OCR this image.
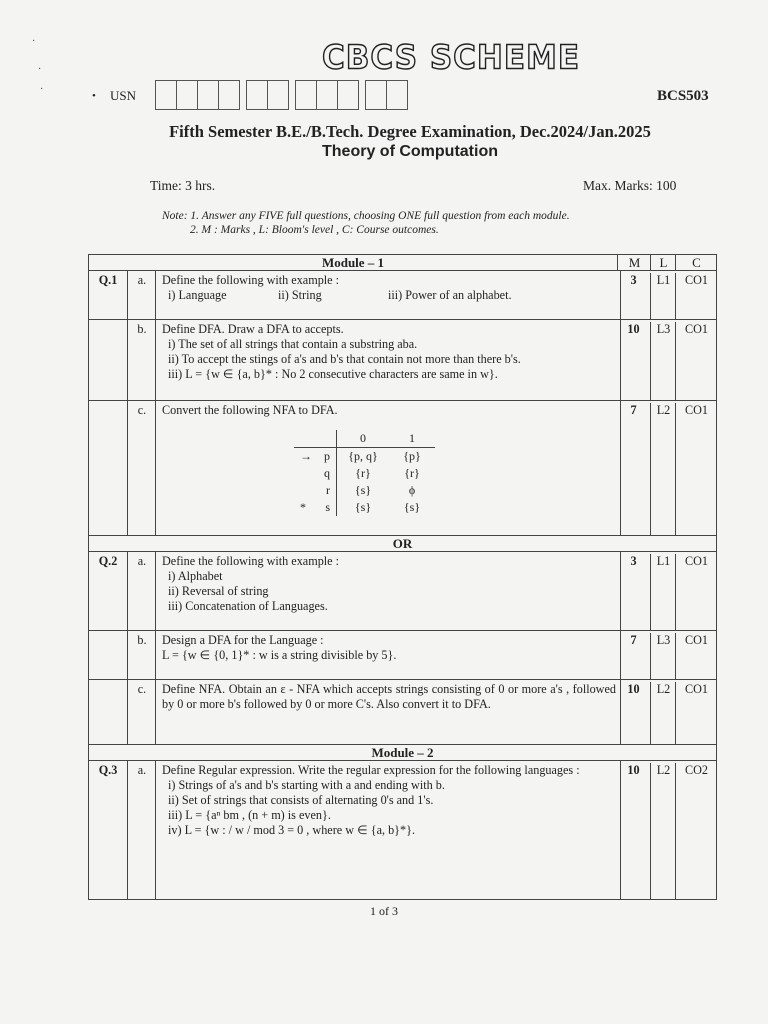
·
·
·
CBCS SCHEME
• USN	BCS503
Fifth Semester B.E./B.Tech. Degree Examination, Dec.2024/Jan.2025
Theory of Computation
Time: 3 hrs.	Max. Marks: 100
Note: 1. Answer any FIVE full questions, choosing ONE full question from each module.
2. M : Marks , L: Bloom's level , C: Course outcomes.
Module – 1	M	L	C
Q.1	a.	Define the following with example :
i) Language	ii) String	iii) Power of an alphabet.
3	L1	CO1
b.	Define DFA. Draw a DFA to accepts.
i) The set of all strings that contain a substring aba.
ii) To accept the stings of a's and b's that contain not more than there b's.
iii) L = {w ∈ {a, b}* : No 2 consecutive characters are same in w}.
10	L3	CO1
c.	Convert the following NFA to DFA.
		0	1
→	p	{p, q}	{p}
	q	{r}	{r}
	r	{s}	ϕ
*	s	{s}	{s}
7	L2	CO1
OR
Q.2	a.	Define the following with example :
i) Alphabet
ii) Reversal of string
iii) Concatenation of Languages.
3	L1	CO1
b.	Design a DFA for the Language :
L = {w ∈ {0, 1}* : w is a string divisible by 5}.
7	L3	CO1
c.	Define NFA. Obtain an ε - NFA which accepts strings consisting of 0 or more a's , followed by 0 or more b's followed by 0 or more C's. Also convert it to DFA.
10	L2	CO1
Module – 2
Q.3	a.	Define Regular expression. Write the regular expression for the following languages :
i) Strings of a's and b's starting with a and ending with b.
ii) Set of strings that consists of alternating 0's and 1's.
iii) L = {aⁿ bm , (n + m) is even}.
iv) L = {w : / w / mod 3 = 0 , where w ∈ {a, b}*}.
10	L2	CO2
1 of 3
